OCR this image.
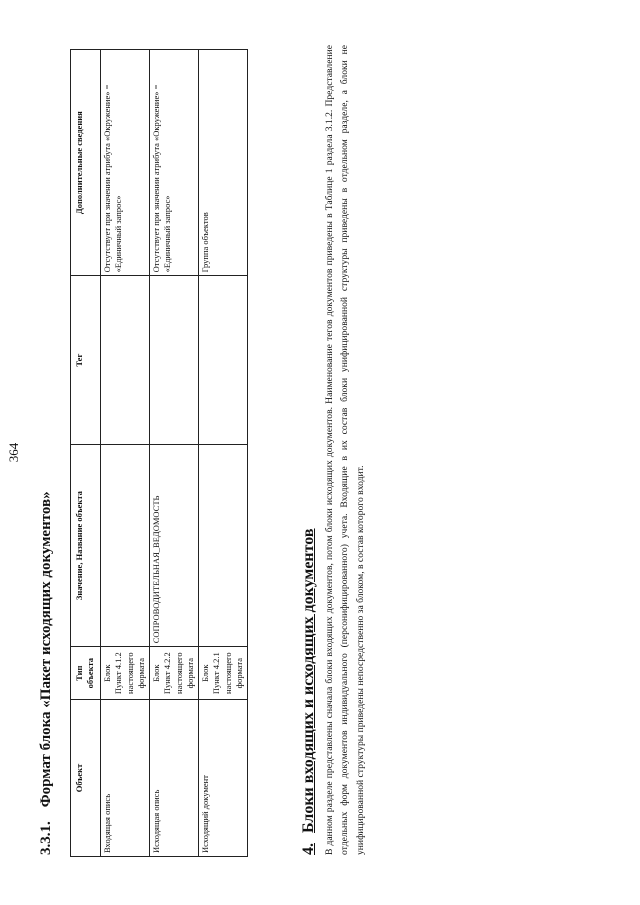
364
3.3.1.Формат блока «Пакет исходящих документов» Объект	Тип объекта	Значение, Название объекта	Тег	Дополнительные сведения
Входящая опись	Блок Пункт 4.1.2 настоящего формата			Отсутствует при значении атрибута «Окружение» = «Единичный запрос»
Исходящая опись	Блок Пункт 4.2.2 настоящего формата	СОПРОВОДИТЕЛЬНАЯ_ВЕДОМОСТЬ		Отсутствует при значении атрибута «Окружение» = «Единичный запрос»
Исходящий документ	Блок Пункт 4.2.1 настоящего формата			Группа объектов
4.Блоки входящих и исходящих документов В данном разделе представлены сначала блоки входящих документов, потом блоки исходящих документов. Наименование тегов документов приведены в Таблице 1 раздела 3.1.2. Представление отдельных форм документов индивидуального (персонифицированного) учета. Входящие в их состав блоки унифицированной структуры приведены в отдельном разделе, а блоки не унифицированной структуры приведены непосредственно за блоком, в состав которого входит.
